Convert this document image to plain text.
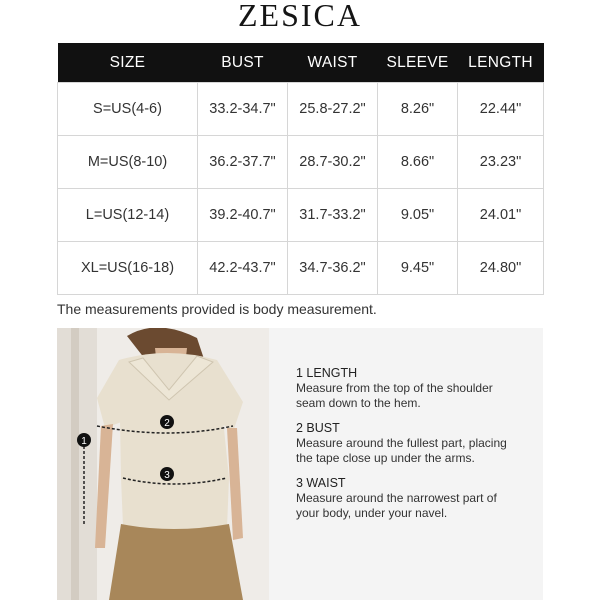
ZESICA
SIZE	BUST	WAIST	SLEEVE	LENGTH
S=US(4-6)	33.2-34.7"	25.8-27.2"	8.26"	22.44"
M=US(8-10)	36.2-37.7"	28.7-30.2"	8.66"	23.23"
L=US(12-14)	39.2-40.7"	31.7-33.2"	9.05"	24.01"
XL=US(16-18)	42.2-43.7"	34.7-36.2"	9.45"	24.80"
The measurements provided is body measurement.
1
2
3
1 LENGTH
Measure from the top of the shoulder
seam down to the hem.
2 BUST
Measure around the fullest part, placing
the tape close up under the arms.
3 WAIST
Measure around the narrowest part of
your body, under your navel.
